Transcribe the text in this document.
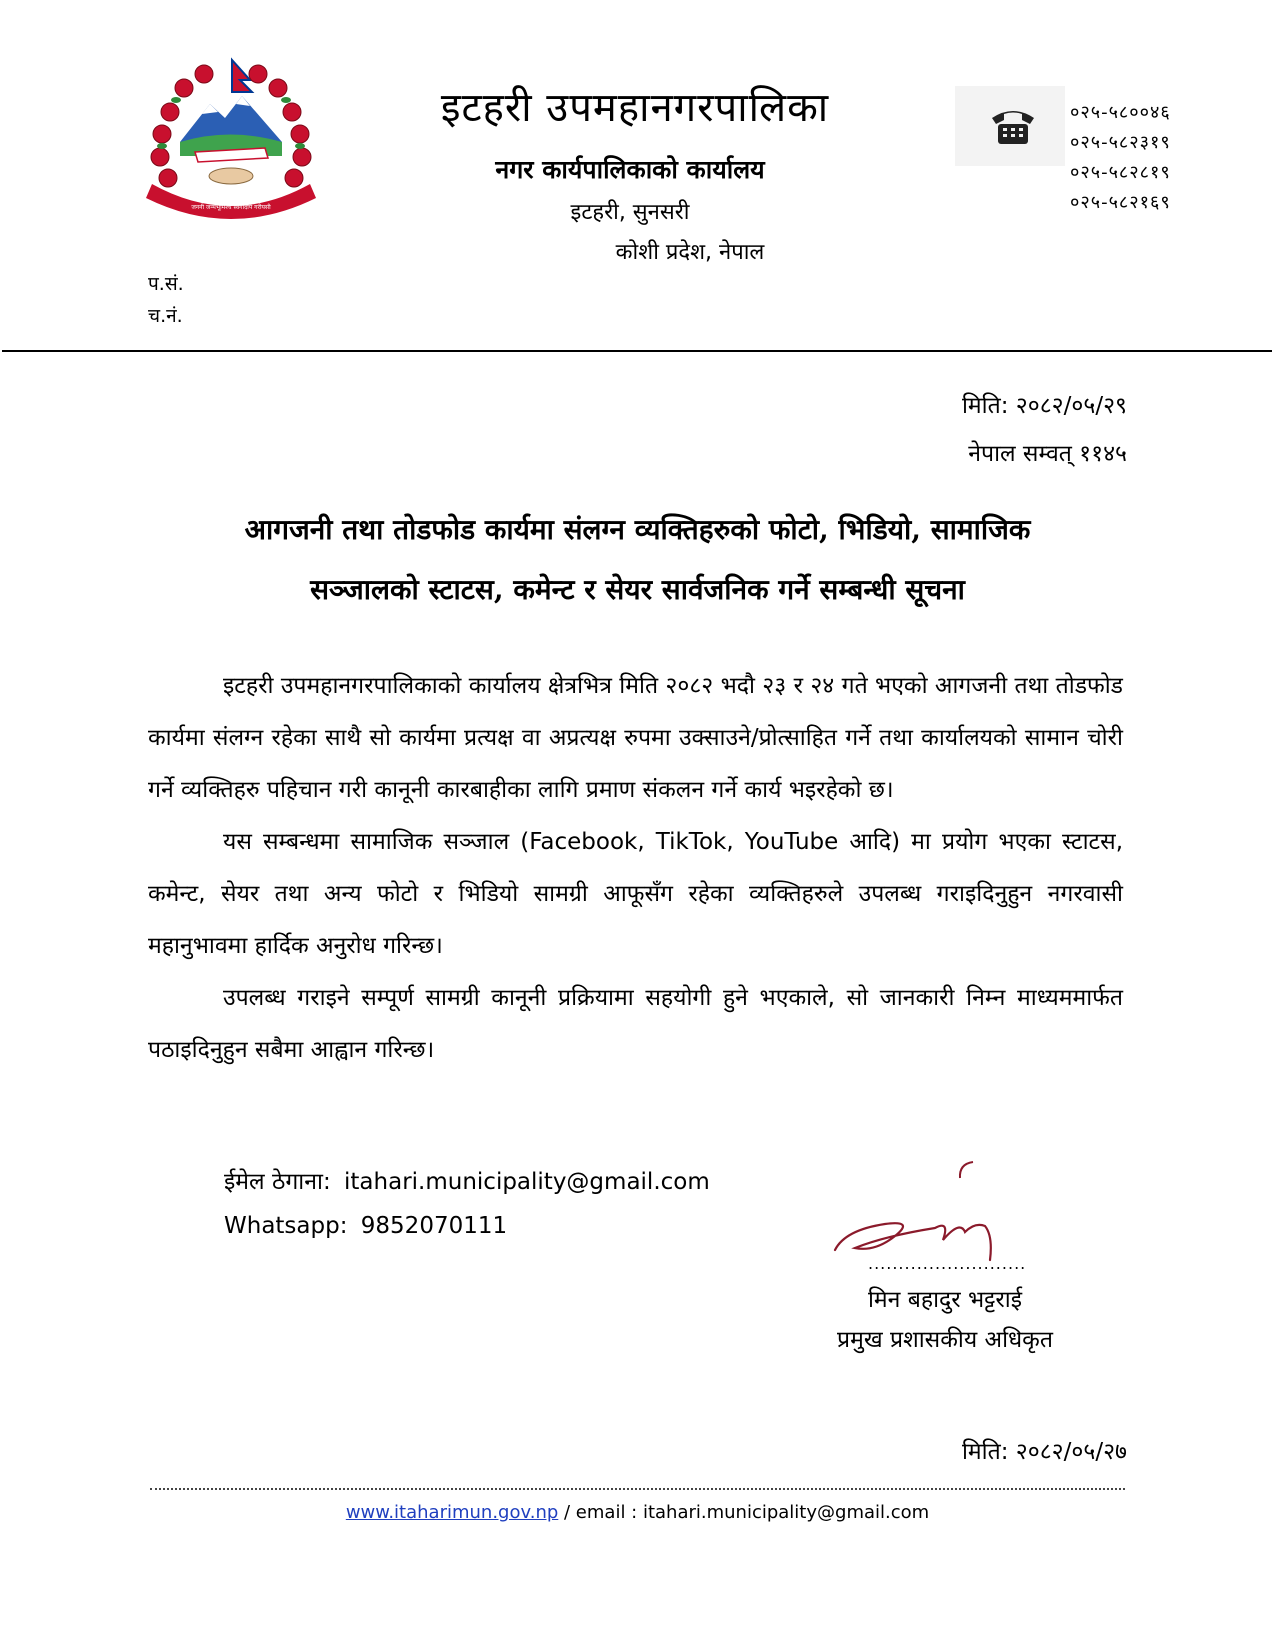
जननी जन्मभूमिश्च स्वर्गादपि गरीयसी
इटहरी उपमहानगरपालिका
नगर कार्यपालिकाको कार्यालय
इटहरी, सुनसरी
कोशी प्रदेश, नेपाल
०२५-५८००४६
०२५-५८२३१९
०२५-५८२८१९
०२५-५८२१६९
प.सं.
च.नं.
मिति: २०८२/०५/२९
नेपाल सम्वत् ११४५
आगजनी तथा तोडफोड कार्यमा संलग्न व्यक्तिहरुको फोटो, भिडियो, सामाजिक
सञ्जालको स्टाटस, कमेन्ट र सेयर सार्वजनिक गर्ने सम्बन्धी सूचना

इटहरी उपमहानगरपालिकाको कार्यालय क्षेत्रभित्र मिति २०८२ भदौ २३ र २४ गते भएको आगजनी तथा तोडफोड कार्यमा संलग्न रहेका साथै सो कार्यमा प्रत्यक्ष वा अप्रत्यक्ष रुपमा उक्साउने/प्रोत्साहित गर्ने तथा कार्यालयको सामान चोरी गर्ने व्यक्तिहरु पहिचान गरी कानूनी कारबाहीका लागि प्रमाण संकलन गर्ने कार्य भइरहेको छ।

यस सम्बन्धमा सामाजिक सञ्जाल (Facebook, TikTok, YouTube आदि) मा प्रयोग भएका स्टाटस, कमेन्ट, सेयर तथा अन्य फोटो र भिडियो सामग्री आफूसँग रहेका व्यक्तिहरुले उपलब्ध गराइदिनुहुन नगरवासी महानुभावमा हार्दिक अनुरोध गरिन्छ।

उपलब्ध गराइने सम्पूर्ण सामग्री कानूनी प्रक्रियामा सहयोगी हुने भएकाले, सो जानकारी निम्न माध्यममार्फत पठाइदिनुहुन सबैमा आह्वान गरिन्छ।

ईमेल ठेगाना: itahari.municipality@gmail.com
Whatsapp: 9852070111
..........................
मिन बहादुर भट्टराई
प्रमुख प्रशासकीय अधिकृत
मिति: २०८२/०५/२७
www.itaharimun.gov.np / email : itahari.municipality@gmail.com
